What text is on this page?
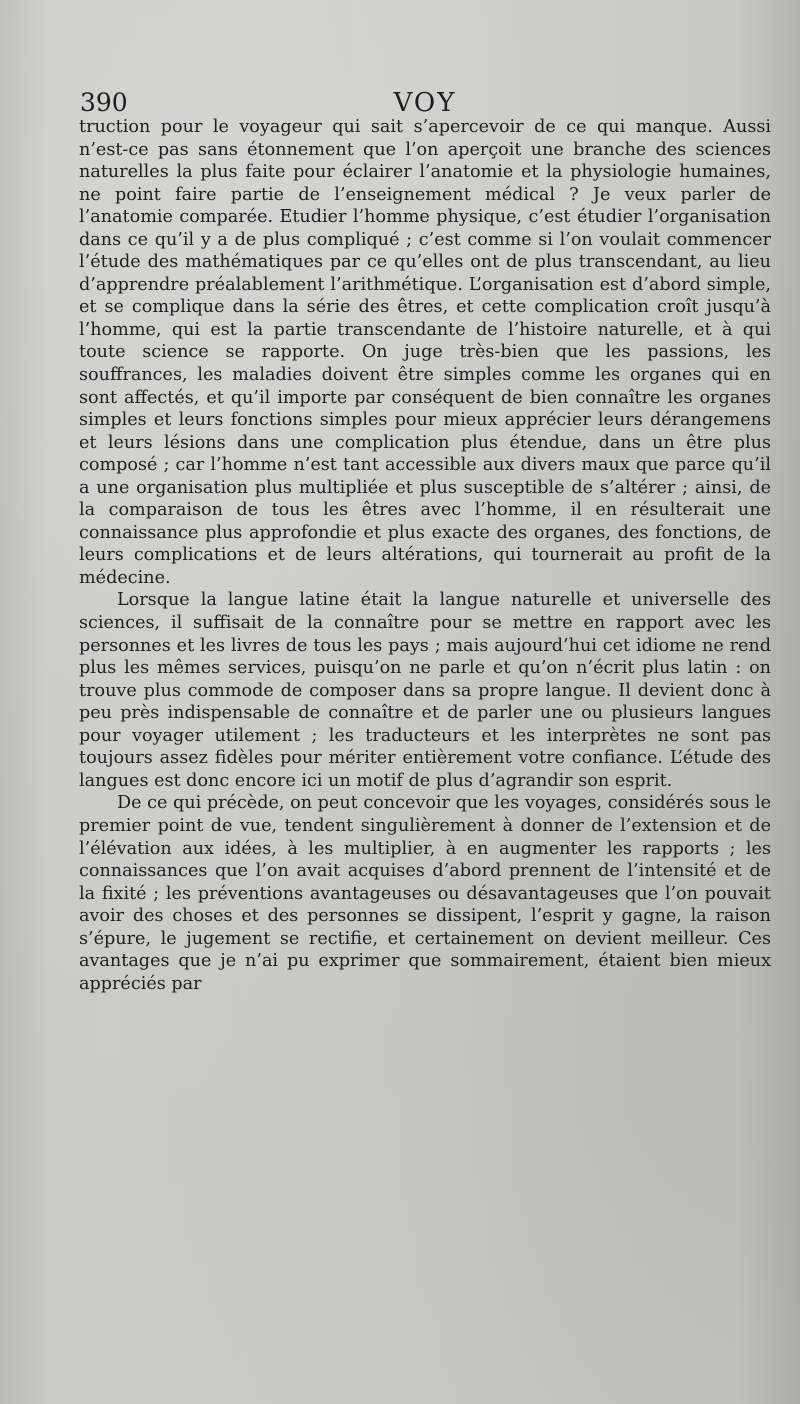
390	VOY

truction pour le voyageur qui sait s’apercevoir de ce qui manque. Aussi n’est-ce pas sans étonnement que l’on aperçoit une branche des sciences naturelles la plus faite pour éclairer l’anatomie et la physiologie humaines, ne point faire partie de l’enseignement médical ? Je veux parler de l’anatomie comparée. Etudier l’homme physique, c’est étudier l’organisation dans ce qu’il y a de plus compliqué ; c’est comme si l’on voulait commencer l’étude des mathématiques par ce qu’elles ont de plus transcendant, au lieu d’apprendre préalablement l’arithmétique. L’organisation est d’abord simple, et se complique dans la série des êtres, et cette complication croît jusqu’à l’homme, qui est la partie transcendante de l’histoire naturelle, et à qui toute science se rapporte. On juge très-bien que les passions, les souffrances, les maladies doivent être simples comme les organes qui en sont affectés, et qu’il importe par conséquent de bien connaître les organes simples et leurs fonctions simples pour mieux apprécier leurs dérangemens et leurs lésions dans une complication plus étendue, dans un être plus composé ; car l’homme n’est tant accessible aux divers maux que parce qu’il a une organisation plus multipliée et plus susceptible de s’altérer ; ainsi, de la comparaison de tous les êtres avec l’homme, il en résulterait une connaissance plus approfondie et plus exacte des organes, des fonctions, de leurs complications et de leurs altérations, qui tournerait au profit de la médecine.

Lorsque la langue latine était la langue naturelle et universelle des sciences, il suffisait de la connaître pour se mettre en rapport avec les personnes et les livres de tous les pays ; mais aujourd’hui cet idiome ne rend plus les mêmes services, puisqu’on ne parle et qu’on n’écrit plus latin : on trouve plus commode de composer dans sa propre langue. Il devient donc à peu près indispensable de connaître et de parler une ou plusieurs langues pour voyager utilement ; les traducteurs et les interprètes ne sont pas toujours assez fidèles pour mériter entièrement votre confiance. L’étude des langues est donc encore ici un motif de plus d’agrandir son esprit.

De ce qui précède, on peut concevoir que les voyages, considérés sous le premier point de vue, tendent singulièrement à donner de l’extension et de l’élévation aux idées, à les multiplier, à en augmenter les rapports ; les connaissances que l’on avait acquises d’abord prennent de l’intensité et de la fixité ; les préventions avantageuses ou désavantageuses que l’on pouvait avoir des choses et des personnes se dissipent, l’esprit y gagne, la raison s’épure, le jugement se rectifie, et certainement on devient meilleur. Ces avantages que je n’ai pu exprimer que sommairement, étaient bien mieux appréciés par
